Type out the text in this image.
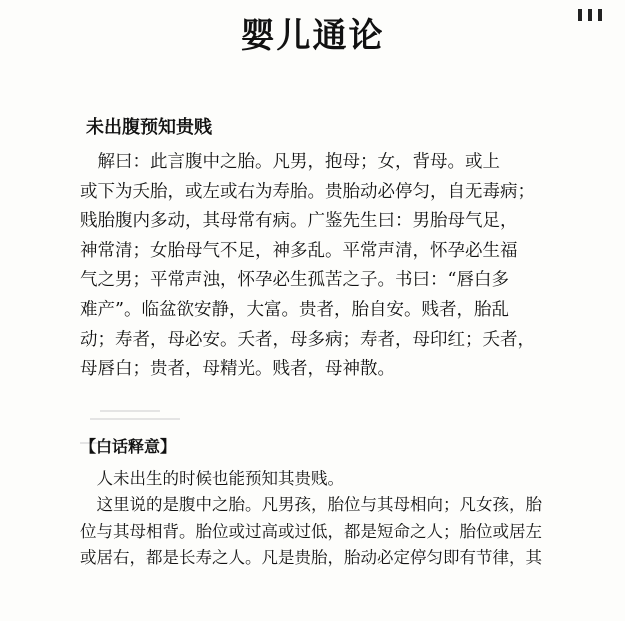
婴儿通论
未出腹预知贵贱
　解曰：此言腹中之胎。凡男，抱母；女，背母。或上
或下为夭胎，或左或右为寿胎。贵胎动必停匀，自无毒病；
贱胎腹内多动，其母常有病。广鉴先生曰：男胎母气足，
神常清；女胎母气不足，神多乱。平常声清，怀孕必生福
气之男；平常声浊，怀孕必生孤苦之子。书曰：“唇白多
难产”。临盆欲安静，大富。贵者，胎自安。贱者，胎乱
动；寿者，母必安。夭者，母多病；寿者，母印红；夭者，
母唇白；贵者，母精光。贱者，母神散。
【白话释意】
　人未出生的时候也能预知其贵贱。
　这里说的是腹中之胎。凡男孩，胎位与其母相向；凡女孩，胎
位与其母相背。胎位或过高或过低，都是短命之人；胎位或居左
或居右，都是长寿之人。凡是贵胎，胎动必定停匀即有节律，其
